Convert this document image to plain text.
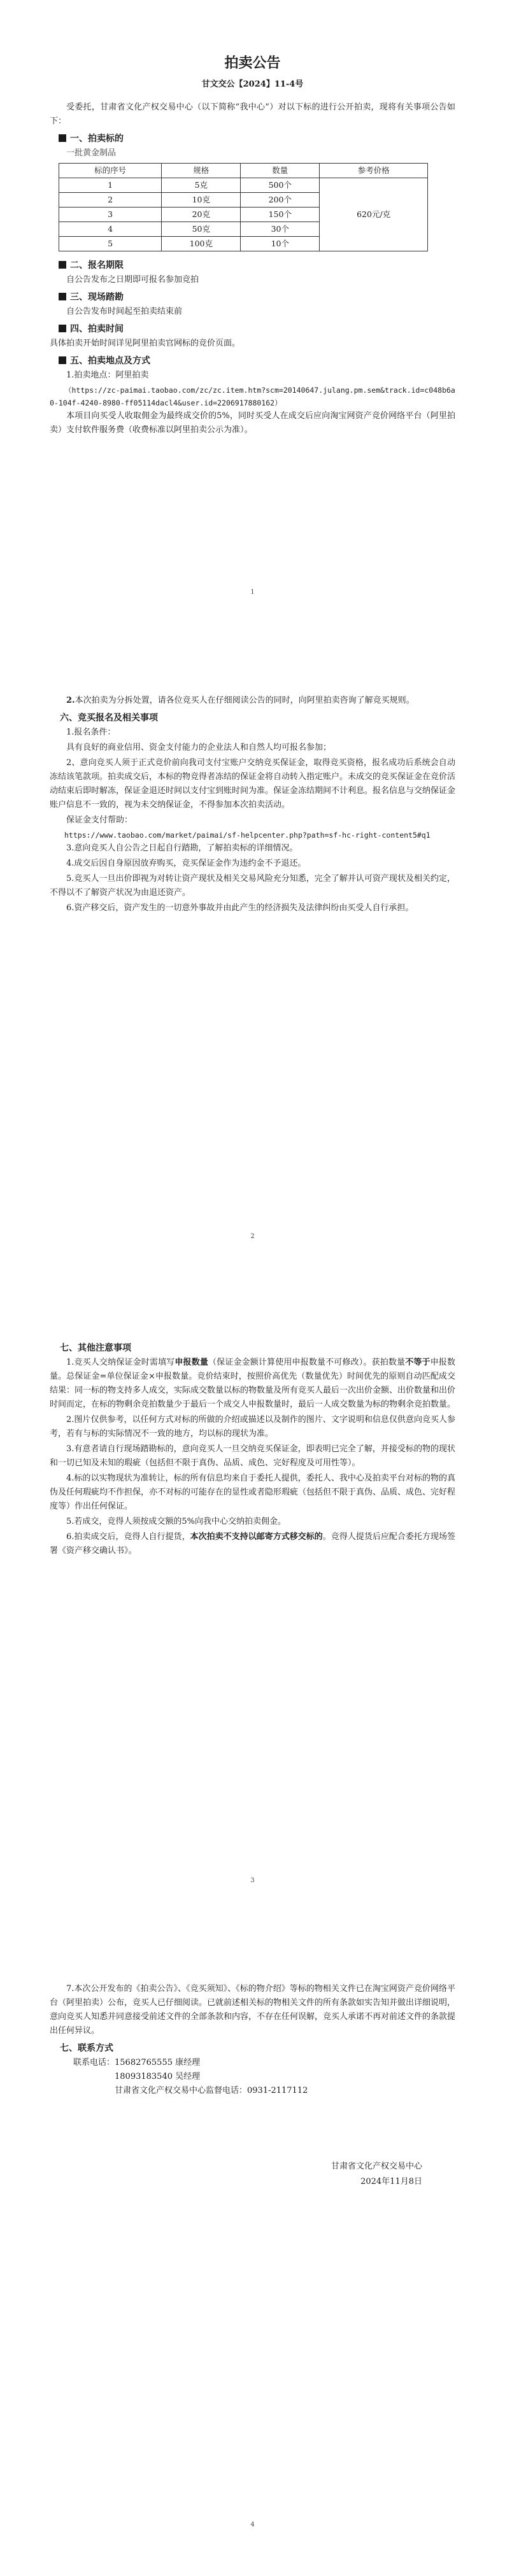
拍卖公告
甘文交公【2024】11-4号

受委托，甘肃省文化产权交易中心（以下简称“我中心”）对以下标的进行公开拍卖，现将有关事项公告如下：

一、拍卖标的

一批黄金制品

标的序号	规格	数量	参考价格
1	5克	500个	620元/克
2	10克	200个	
3	20克	150个	
4	50克	30个	
5	100克	10个	
二、报名期限

自公告发布之日期即可报名参加竞拍

三、现场踏勘

自公告发布时间起至拍卖结束前

四、拍卖时间

具体拍卖开始时间详见阿里拍卖官网标的竞价页面。

五、拍卖地点及方式

1.拍卖地点：阿里拍卖

（https://zc-paimai.taobao.com/zc/zc.item.htm?scm=20140647.julang.pm.sem&track.id=c048b6a0-104f-4240-8980-ff05114dacl4&user.id=2206917880162）

本项目向买受人收取佣金为最终成交价的5%，同时买受人在成交后应向淘宝网资产竞价网络平台（阿里拍卖）支付软件服务费（收费标准以阿里拍卖公示为准）。

1

2.本次拍卖为分拆处置，请各位竞买人在仔细阅读公告的同时，向阿里拍卖咨询了解竞买规则。

六、竞买报名及相关事项

1.报名条件：

具有良好的商业信用、资金支付能力的企业法人和自然人均可报名参加；

2、意向竞买人须于正式竞价前向我司支付宝账户交纳竞买保证金，取得竞买资格，报名成功后系统会自动冻结该笔款项。拍卖成交后，本标的物竞得者冻结的保证金将自动转入指定账户。未成交的竞买保证金在竞价活动结束后即时解冻，保证金退还时间以支付宝到账时间为准。保证金冻结期间不计利息。报名信息与交纳保证金账户信息不一致的，视为未交纳保证金，不得参加本次拍卖活动。

保证金支付帮助：

https://www.taobao.com/market/paimai/sf-helpcenter.php?path=sf-hc-right-content5#q1

3.意向竞买人自公告之日起自行踏勘，了解拍卖标的详细情况。

4.成交后因自身原因放弃购买，竞买保证金作为违约金不予退还。

5.竞买人一旦出价即视为对转让资产现状及相关交易风险充分知悉，完全了解并认可资产现状及相关约定，不得以不了解资产状况为由退还资产。

6.资产移交后，资产发生的一切意外事故并由此产生的经济损失及法律纠纷由买受人自行承担。

2
七、其他注意事项

1.竞买人交纳保证金时需填写申报数量（保证金金额计算使用申报数量不可修改）。获拍数量不等于申报数量。总保证金=单位保证金×申报数量。竞价结束时，按照价高优先（数量优先）时间优先的原则自动匹配成交结果：同一标的物支持多人成交，实际成交数量以标的物数量及所有竞买人最后一次出价金额、出价数量和出价时间而定，在标的物剩余竞拍数量少于最后一个成交人申报数量时，最后一人成交数量为标的物剩余竞拍数量。

2.图片仅供参考，以任何方式对标的所做的介绍或描述以及制作的图片、文字说明和信息仅供意向竞买人参考，若有与标的实际情况不一致的地方，均以标的现状为准。

3.有意者请自行现场踏勘标的，意向竞买人一旦交纳竞买保证金，即表明已完全了解，并接受标的物的现状和一切已知及未知的瑕疵（包括但不限于真伪、品质、成色、完好程度及可用性等）。

4.标的以实物现状为准转让，标的所有信息均来自于委托人提供，委托人、我中心及拍卖平台对标的物的真伪及任何瑕疵均不作担保，亦不对标的可能存在的显性或者隐形瑕疵（包括但不限于真伪、品质、成色、完好程度等）作出任何保证。

5.若成交，竞得人须按成交额的5%向我中心交纳拍卖佣金。

6.拍卖成交后，竞得人自行提货，本次拍卖不支持以邮寄方式移交标的。竞得人提货后应配合委托方现场签署《资产移交确认书》。

3

7.本次公开发布的《拍卖公告》、《竞买须知》、《标的物介绍》等标的物相关文件已在淘宝网资产竞价网络平台（阿里拍卖）公布，竞买人已仔细阅读。已就前述相关标的物相关文件的所有条款如实告知并做出详细说明，意向竞买人知悉并同意接受前述文件的全部条款和内容，不存在任何误解，竞买人承诺不再对前述文件的条款提出任何异议。

七、联系方式
联系电话： 15682765555 康经理
18093183540 吴经理
甘肃省文化产权交易中心监督电话：0931-2117112
甘肃省文化产权交易中心
2024年11月8日
4
